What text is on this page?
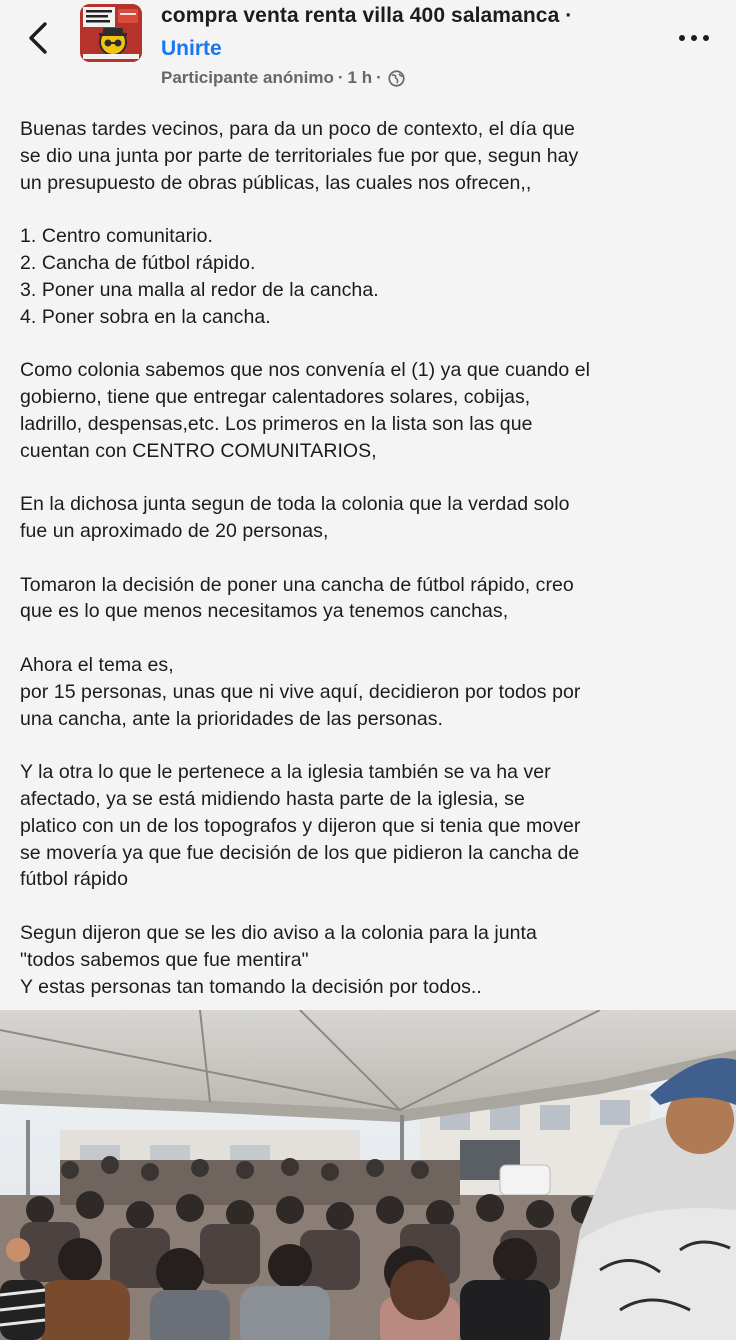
compra venta renta villa 400 salamanca ·
Unirte
Participante anónimo · 1 h ·

Buenas tardes vecinos, para da un poco de contexto, el día que

se dio una junta por parte de territoriales fue por que, segun hay

un presupuesto de obras públicas, las cuales nos ofrecen,,

1. Centro comunitario.

2. Cancha de fútbol rápido.

3. Poner una malla al redor de la cancha.

4. Poner sobra en la cancha.

Como colonia sabemos que nos convenía el (1) ya que cuando el

gobierno, tiene que entregar calentadores solares, cobijas,

ladrillo, despensas,etc. Los primeros en la lista son las que

cuentan con CENTRO COMUNITARIOS,

En la dichosa junta segun de toda la colonia que la verdad solo

fue un aproximado de 20 personas,

Tomaron la decisión de poner una cancha de fútbol rápido, creo

que es lo que menos necesitamos ya tenemos canchas,

Ahora el tema es,

por 15 personas, unas que ni vive aquí, decidieron por todos por

una cancha, ante la prioridades de las personas.

Y la otra lo que le pertenece a la iglesia también se va ha ver

afectado, ya se está midiendo hasta parte de la iglesia, se

platico con un de los topografos y dijeron que si tenia que mover

se movería ya que fue decisión de los que pidieron la cancha de

fútbol rápido

Segun dijeron que se les dio aviso a la colonia para la junta

"todos sabemos que fue mentira"

Y estas personas tan tomando la decisión por todos..
